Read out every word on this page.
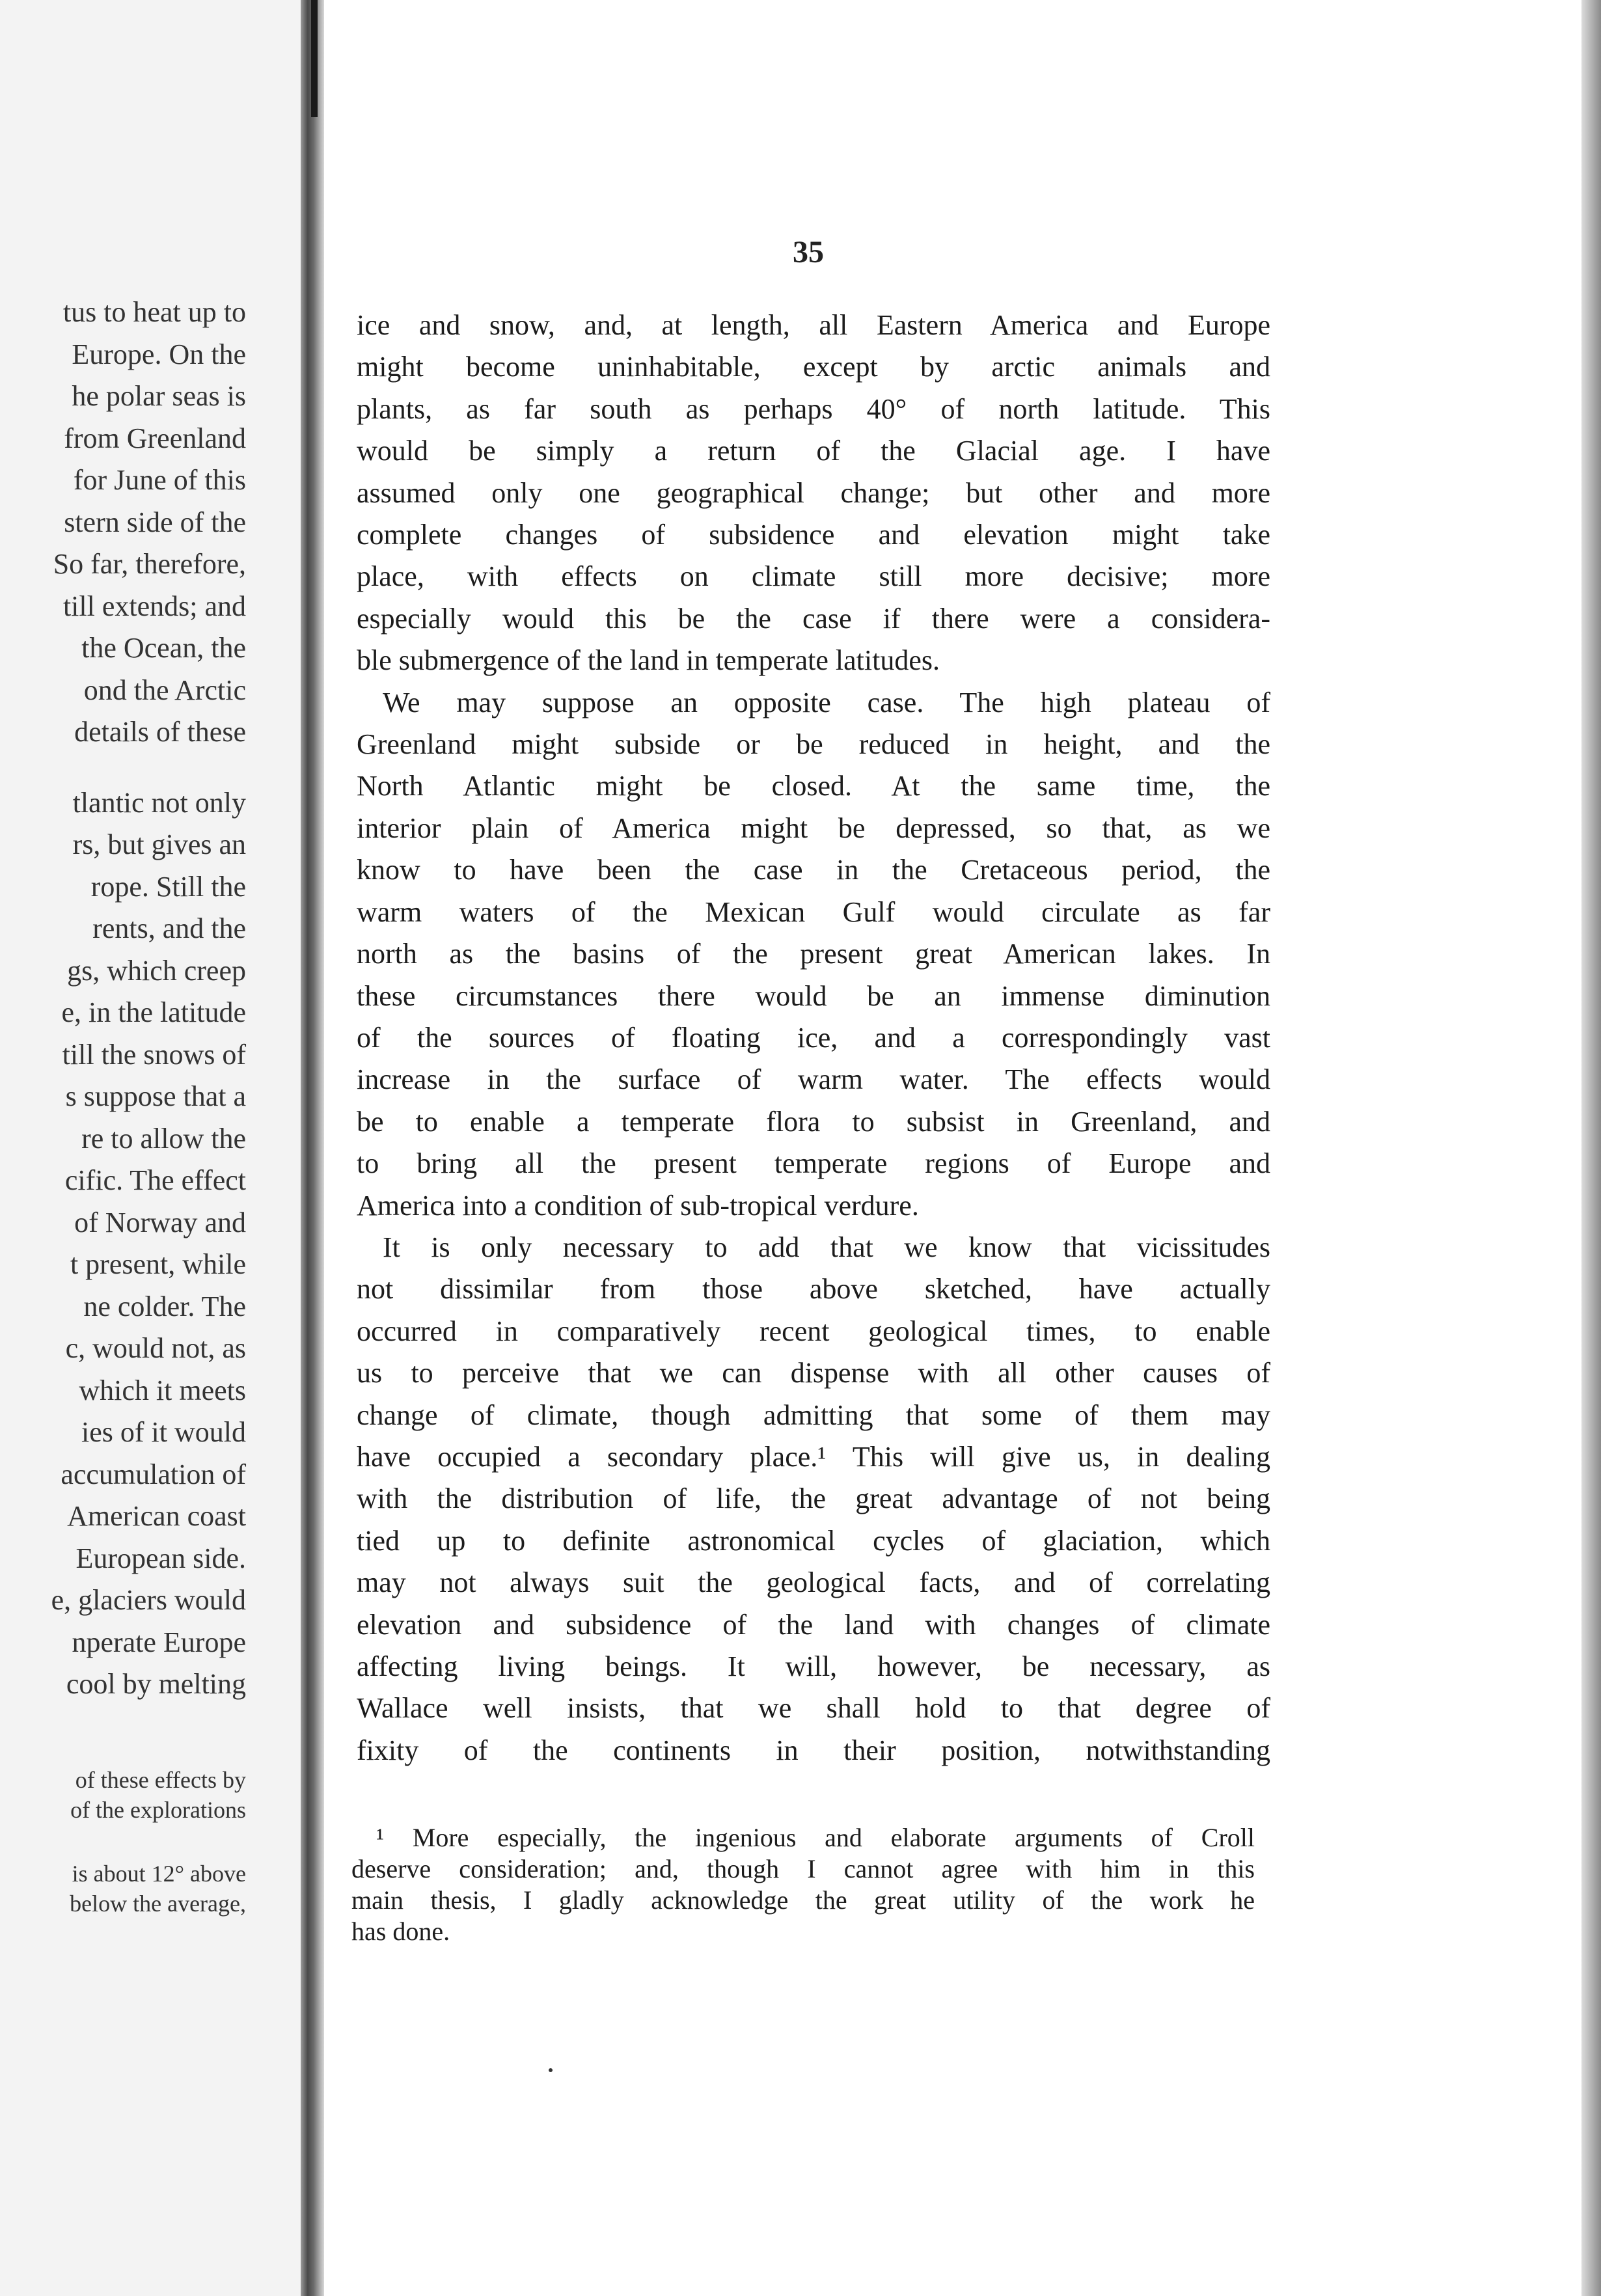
tus to heat up to
Europe. On the
he polar seas is
from Greenland
for June of this
stern side of the
So far, therefore,
till extends; and
the Ocean, the
ond the Arctic
details of these
tlantic not only
rs, but gives an
rope. Still the
rents, and the
gs, which creep
e, in the latitude
till the snows of
s suppose that a
re to allow the
cific. The effect
of Norway and
t present, while
ne colder. The
c, would not, as
which it meets
ies of it would
accumulation of
American coast
European side.
e, glaciers would
nperate Europe
cool by melting
of these effects by
of the explorations
is about 12° above
below the average,
35
ice and snow, and, at length, all Eastern America and Europe
might become uninhabitable, except by arctic animals and
plants, as far south as perhaps 40° of north latitude. This
would be simply a return of the Glacial age. I have
assumed only one geographical change; but other and more
complete changes of subsidence and elevation might take
place, with effects on climate still more decisive; more
especially would this be the case if there were a considera-
ble submergence of the land in temperate latitudes.
We may suppose an opposite case. The high plateau of
Greenland might subside or be reduced in height, and the
North Atlantic might be closed. At the same time, the
interior plain of America might be depressed, so that, as we
know to have been the case in the Cretaceous period, the
warm waters of the Mexican Gulf would circulate as far
north as the basins of the present great American lakes. In
these circumstances there would be an immense diminution
of the sources of floating ice, and a correspondingly vast
increase in the surface of warm water. The effects would
be to enable a temperate flora to subsist in Greenland, and
to bring all the present temperate regions of Europe and
America into a condition of sub-tropical verdure.
It is only necessary to add that we know that vicissitudes
not dissimilar from those above sketched, have actually
occurred in comparatively recent geological times, to enable
us to perceive that we can dispense with all other causes of
change of climate, though admitting that some of them may
have occupied a secondary place.¹ This will give us, in dealing
with the distribution of life, the great advantage of not being
tied up to definite astronomical cycles of glaciation, which
may not always suit the geological facts, and of correlating
elevation and subsidence of the land with changes of climate
affecting living beings. It will, however, be necessary, as
Wallace well insists, that we shall hold to that degree of
fixity of the continents in their position, notwithstanding
¹ More especially, the ingenious and elaborate arguments of Croll
deserve consideration; and, though I cannot agree with him in this
main thesis, I gladly acknowledge the great utility of the work he
has done.
